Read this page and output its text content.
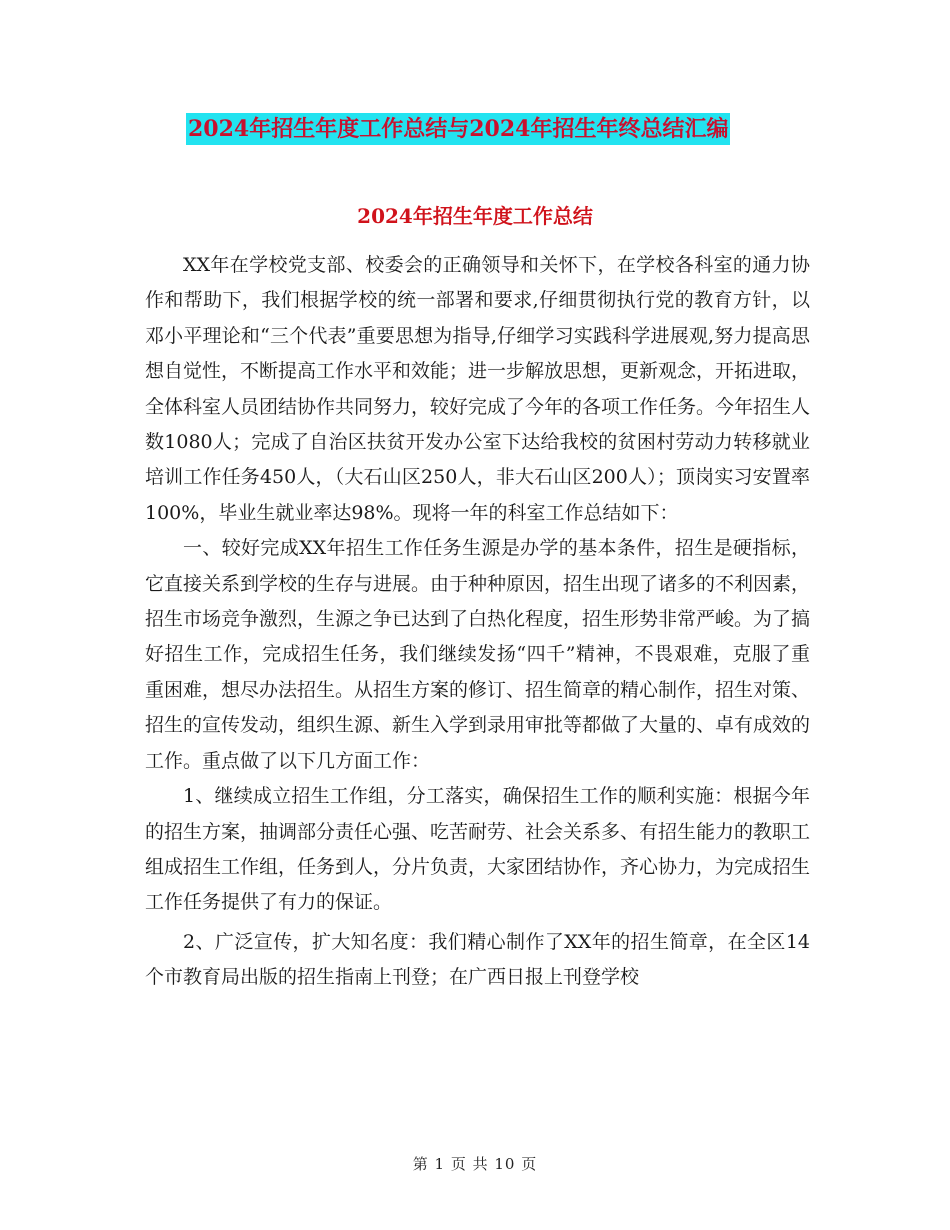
2024年招生年度工作总结与2024年招生年终总结汇编
2024年招生年度工作总结

XX年在学校党支部、校委会的正确领导和关怀下，在学校各科室的通力协作和帮助下，我们根据学校的统一部署和要求,仔细贯彻执行党的教育方针，以邓小平理论和“三个代表”重要思想为指导,仔细学习实践科学进展观,努力提高思想自觉性，不断提高工作水平和效能；进一步解放思想，更新观念，开拓进取，全体科室人员团结协作共同努力，较好完成了今年的各项工作任务。今年招生人数1080人；完成了自治区扶贫开发办公室下达给我校的贫困村劳动力转移就业培训工作任务450人，（大石山区250人，非大石山区200人）；顶岗实习安置率100%，毕业生就业率达98%。现将一年的科室工作总结如下：

一、较好完成XX年招生工作任务生源是办学的基本条件，招生是硬指标，它直接关系到学校的生存与进展。由于种种原因，招生出现了诸多的不利因素，招生市场竞争激烈，生源之争已达到了白热化程度，招生形势非常严峻。为了搞好招生工作，完成招生任务，我们继续发扬“四千”精神，不畏艰难，克服了重重困难，想尽办法招生。从招生方案的修订、招生简章的精心制作，招生对策、招生的宣传发动，组织生源、新生入学到录用审批等都做了大量的、卓有成效的工作。重点做了以下几方面工作：

1、继续成立招生工作组，分工落实，确保招生工作的顺利实施：根据今年的招生方案，抽调部分责任心强、吃苦耐劳、社会关系多、有招生能力的教职工组成招生工作组，任务到人，分片负责，大家团结协作，齐心协力，为完成招生工作任务提供了有力的保证。

2、广泛宣传，扩大知名度：我们精心制作了XX年的招生简章，在全区14个市教育局出版的招生指南上刊登；在广西日报上刊登学校

第 1 页 共 10 页
